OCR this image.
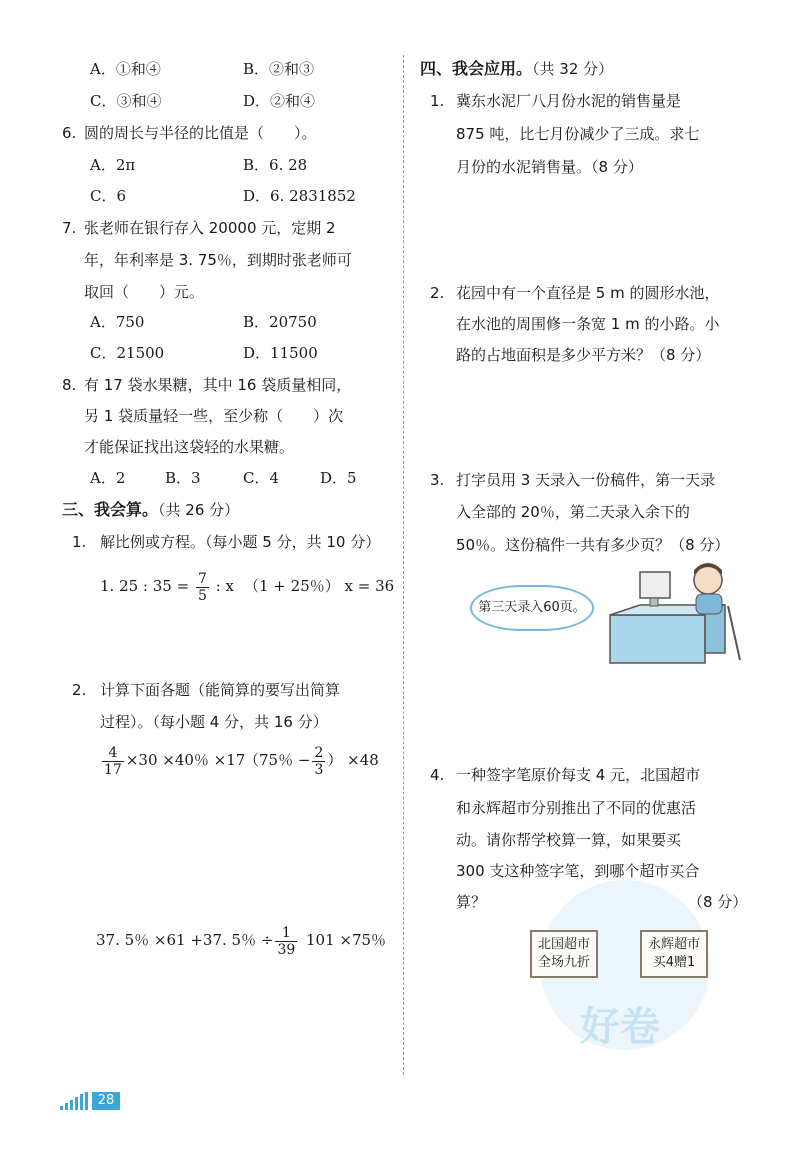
A．①和④	B．②和③
C．③和④	D．②和④
6. 圆的周长与半径的比值是（　　）。
A．2π	B．6. 28
C．6	D．6. 2831852
7. 张老师在银行存入 20000 元，定期 2
年，年利率是 3. 75％，到期时张老师可
取回（　　）元。
A．750	B．20750
C．21500	D．11500
8. 有 17 袋水果糖，其中 16 袋质量相同，
另 1 袋质量轻一些，至少称（　　）次
才能保证找出这袋轻的水果糖。
A．2	B．3	C．4	D．5
三、我会算。（共 26 分）
1. 解比例或方程。（每小题 5 分，共 10 分）
1. 25 : $35 = \frac{7}{5}$ : x （1 + 25％） x = 36
2. 计算下面各题（能简算的要写出简算
过程）。（每小题 4 分，共 16 分）
$\frac{4}{17} \times 30 \times 40$％ ×17
（75％ − $\frac{2}{3}$ ） ×48
37. 5％ ×61 +37. 5％ ÷ $\frac{1}{39} 101 \times 75$％
四、我会应用。（共 32 分）
1. 冀东水泥厂八月份水泥的销售量是
875 吨，比七月份减少了三成。求七
月份的水泥销售量。（8 分）
2. 花园中有一个直径是 5 m 的圆形水池，
在水池的周围修一条宽 1 m 的小路。小
路的占地面积是多少平方米？（8 分）
3. 打字员用 3 天录入一份稿件，第一天录
入全部的 20％，第二天录入余下的
50％。这份稿件一共有多少页？（8 分）
第三天录入60页。
4. 一种签字笔原价每支 4 元，北国超市
和永辉超市分别推出了不同的优惠活
动。请你帮学校算一算，如果要买
300 支这种签字笔，到哪个超市买合
算？	（8 分）
好卷
北国超市
全场九折
永辉超市
买4赠1
28
